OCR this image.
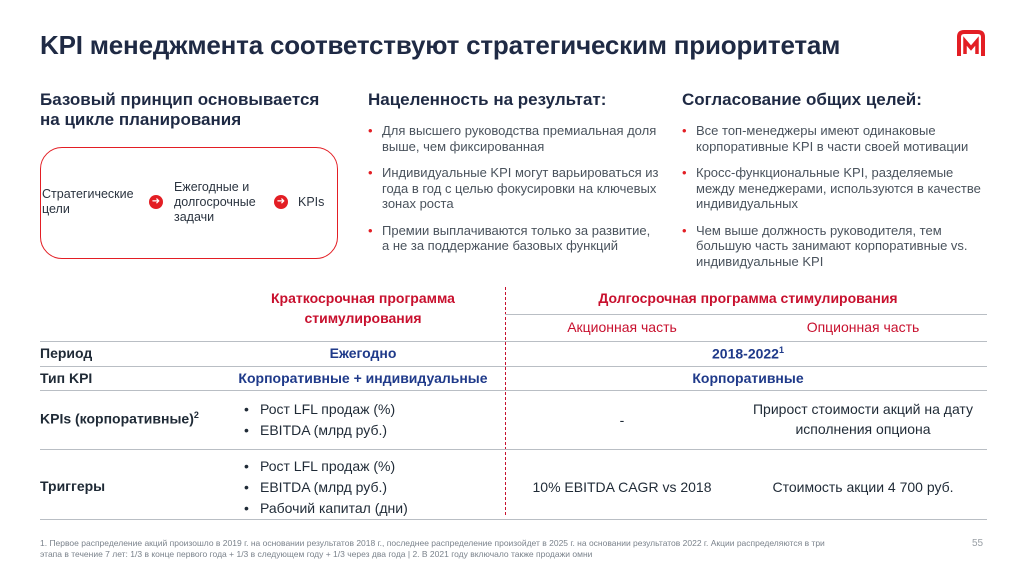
KPI менеджмента соответствуют стратегическим приоритетам
Базовый принцип основывается
на цикле планирования
Стратегические
цели
➜
Ежегодные и
долгосрочные
задачи
➜ KPIs
Нацеленность на результат:
• Для высшего руководства премиальная доля выше, чем фиксированная
• Индивидуальные KPI могут варьироваться из года в год с целью фокусировки на ключевых зонах роста
• Премии выплачиваются только за развитие, а не за поддержание базовых функций
Согласование общих целей:
• Все топ-менеджеры имеют одинаковые корпоративные KPI в части своей мотивации
• Кросс-функциональные KPI, разделяемые между менеджерами, используются в качестве индивидуальных
• Чем выше должность руководителя, тем большую часть занимают корпоративные vs. индивидуальные KPI
Краткосрочная программа
стимулирования
Долгосрочная программа стимулирования
Акционная часть	Опционная часть
Период	Ежегодно	2018-2022$^1$
Тип KPI	Корпоративные + индивидуальные	Корпоративные
KPIs (корпоративные)$^2$
•	Рост LFL продаж (%)
• EBITDA (млрд руб.)
-
Прирост стоимости акций на дату
исполнения опциона
Триггеры
• Рост LFL продаж (%)
• EBITDA (млрд руб.)
• Рабочий капитал (дни)
10% EBITDA CAGR vs 2018	Стоимость акции 4 700 руб.
1. Первое распределение акций произошло в 2019 г. на основании результатов 2018 г., последнее распределение произойдет в 2025 г. на основании результатов 2022 г. Акции распределяются в три
этапа в течение 7 лет: 1/3 в конце первого года + 1/3 в следующем году + 1/3 через два года | 2. В 2021 году включало также продажи омни
55
